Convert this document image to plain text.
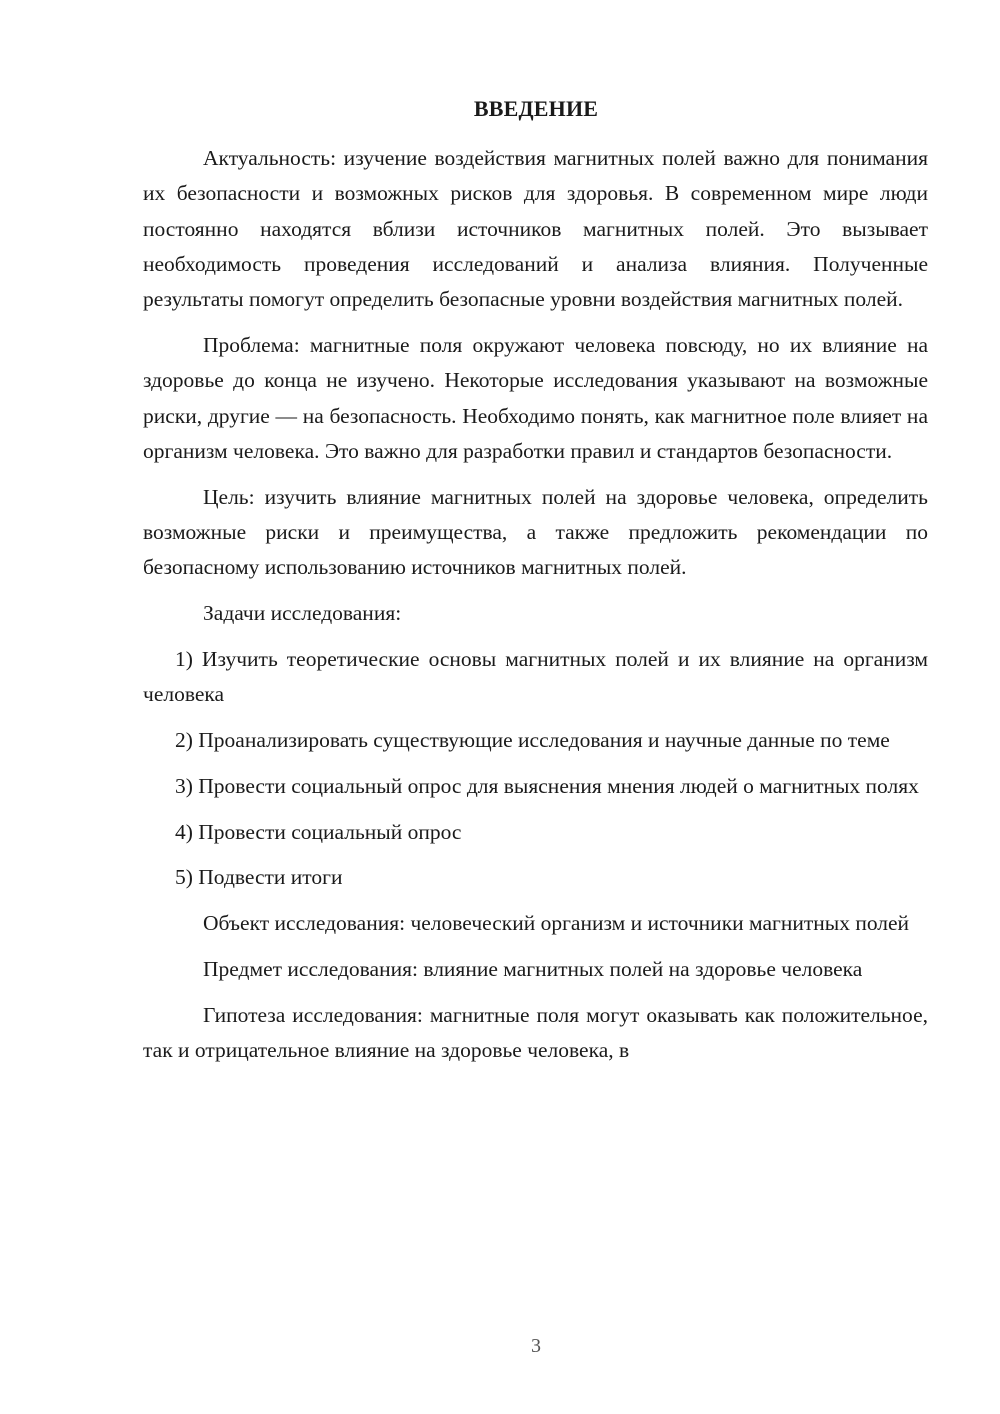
ВВЕДЕНИЕ

Актуальность: изучение воздействия магнитных полей важно для понимания их безопасности и возможных рисков для здоровья. В современном мире люди постоянно находятся вблизи источников магнитных полей. Это вызывает необходимость проведения исследований и анализа влияния. Полученные результаты помогут определить безопасные уровни воздействия магнитных полей.

Проблема: магнитные поля окружают человека повсюду, но их влияние на здоровье до конца не изучено. Некоторые исследования указывают на возможные риски, другие — на безопасность. Необходимо понять, как магнитное поле влияет на организм человека. Это важно для разработки правил и стандартов безопасности.

Цель: изучить влияние магнитных полей на здоровье человека, определить возможные риски и преимущества, а также предложить рекомендации по безопасному использованию источников магнитных полей.

Задачи исследования:

1) Изучить теоретические основы магнитных полей и их влияние на организм человека

2) Проанализировать существующие исследования и научные данные по теме

3) Провести социальный опрос для выяснения мнения людей о магнитных полях

4) Провести социальный опрос

5) Подвести итоги

Объект исследования: человеческий организм и источники магнитных полей

Предмет исследования: влияние магнитных полей на здоровье человека

Гипотеза исследования: магнитные поля могут оказывать как положительное, так и отрицательное влияние на здоровье человека, в

3
